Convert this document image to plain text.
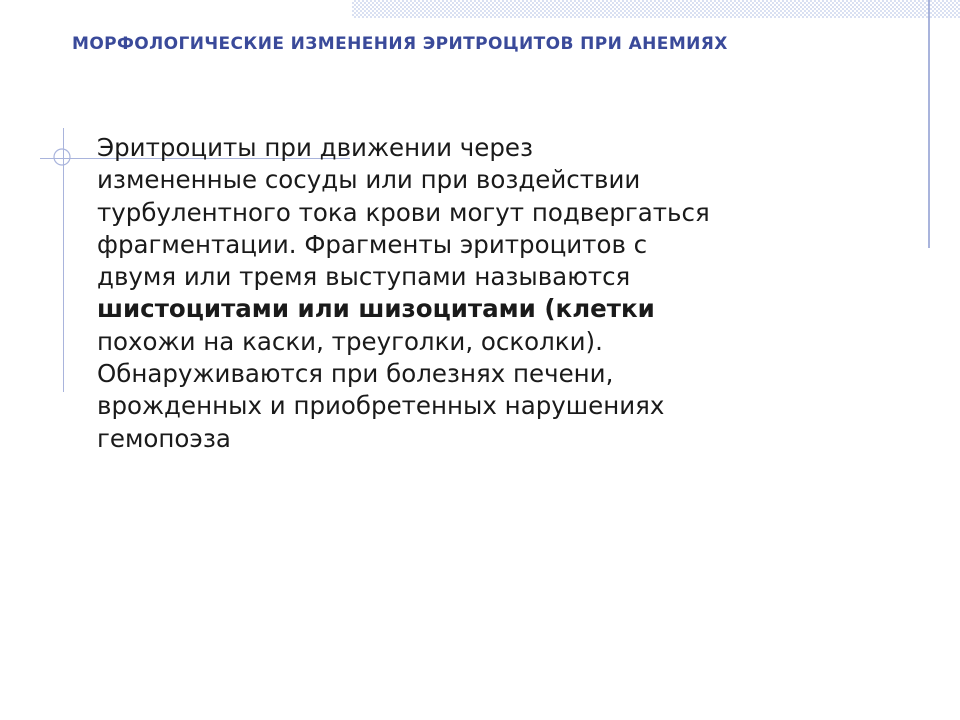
МОРФОЛОГИЧЕСКИЕ ИЗМЕНЕНИЯ ЭРИТРОЦИТОВ ПРИ АНЕМИЯХ
Эритроциты при движении через
измененные сосуды или при воздействии
турбулентного тока крови могут подвергаться
фрагментации. Фрагменты эритроцитов с
двумя или тремя выступами называются
шистоцитами или шизоцитами (клетки
похожи на каски, треуголки, осколки).
Обнаруживаются при болезнях печени,
врожденных и приобретенных нарушениях
гемопоэза
